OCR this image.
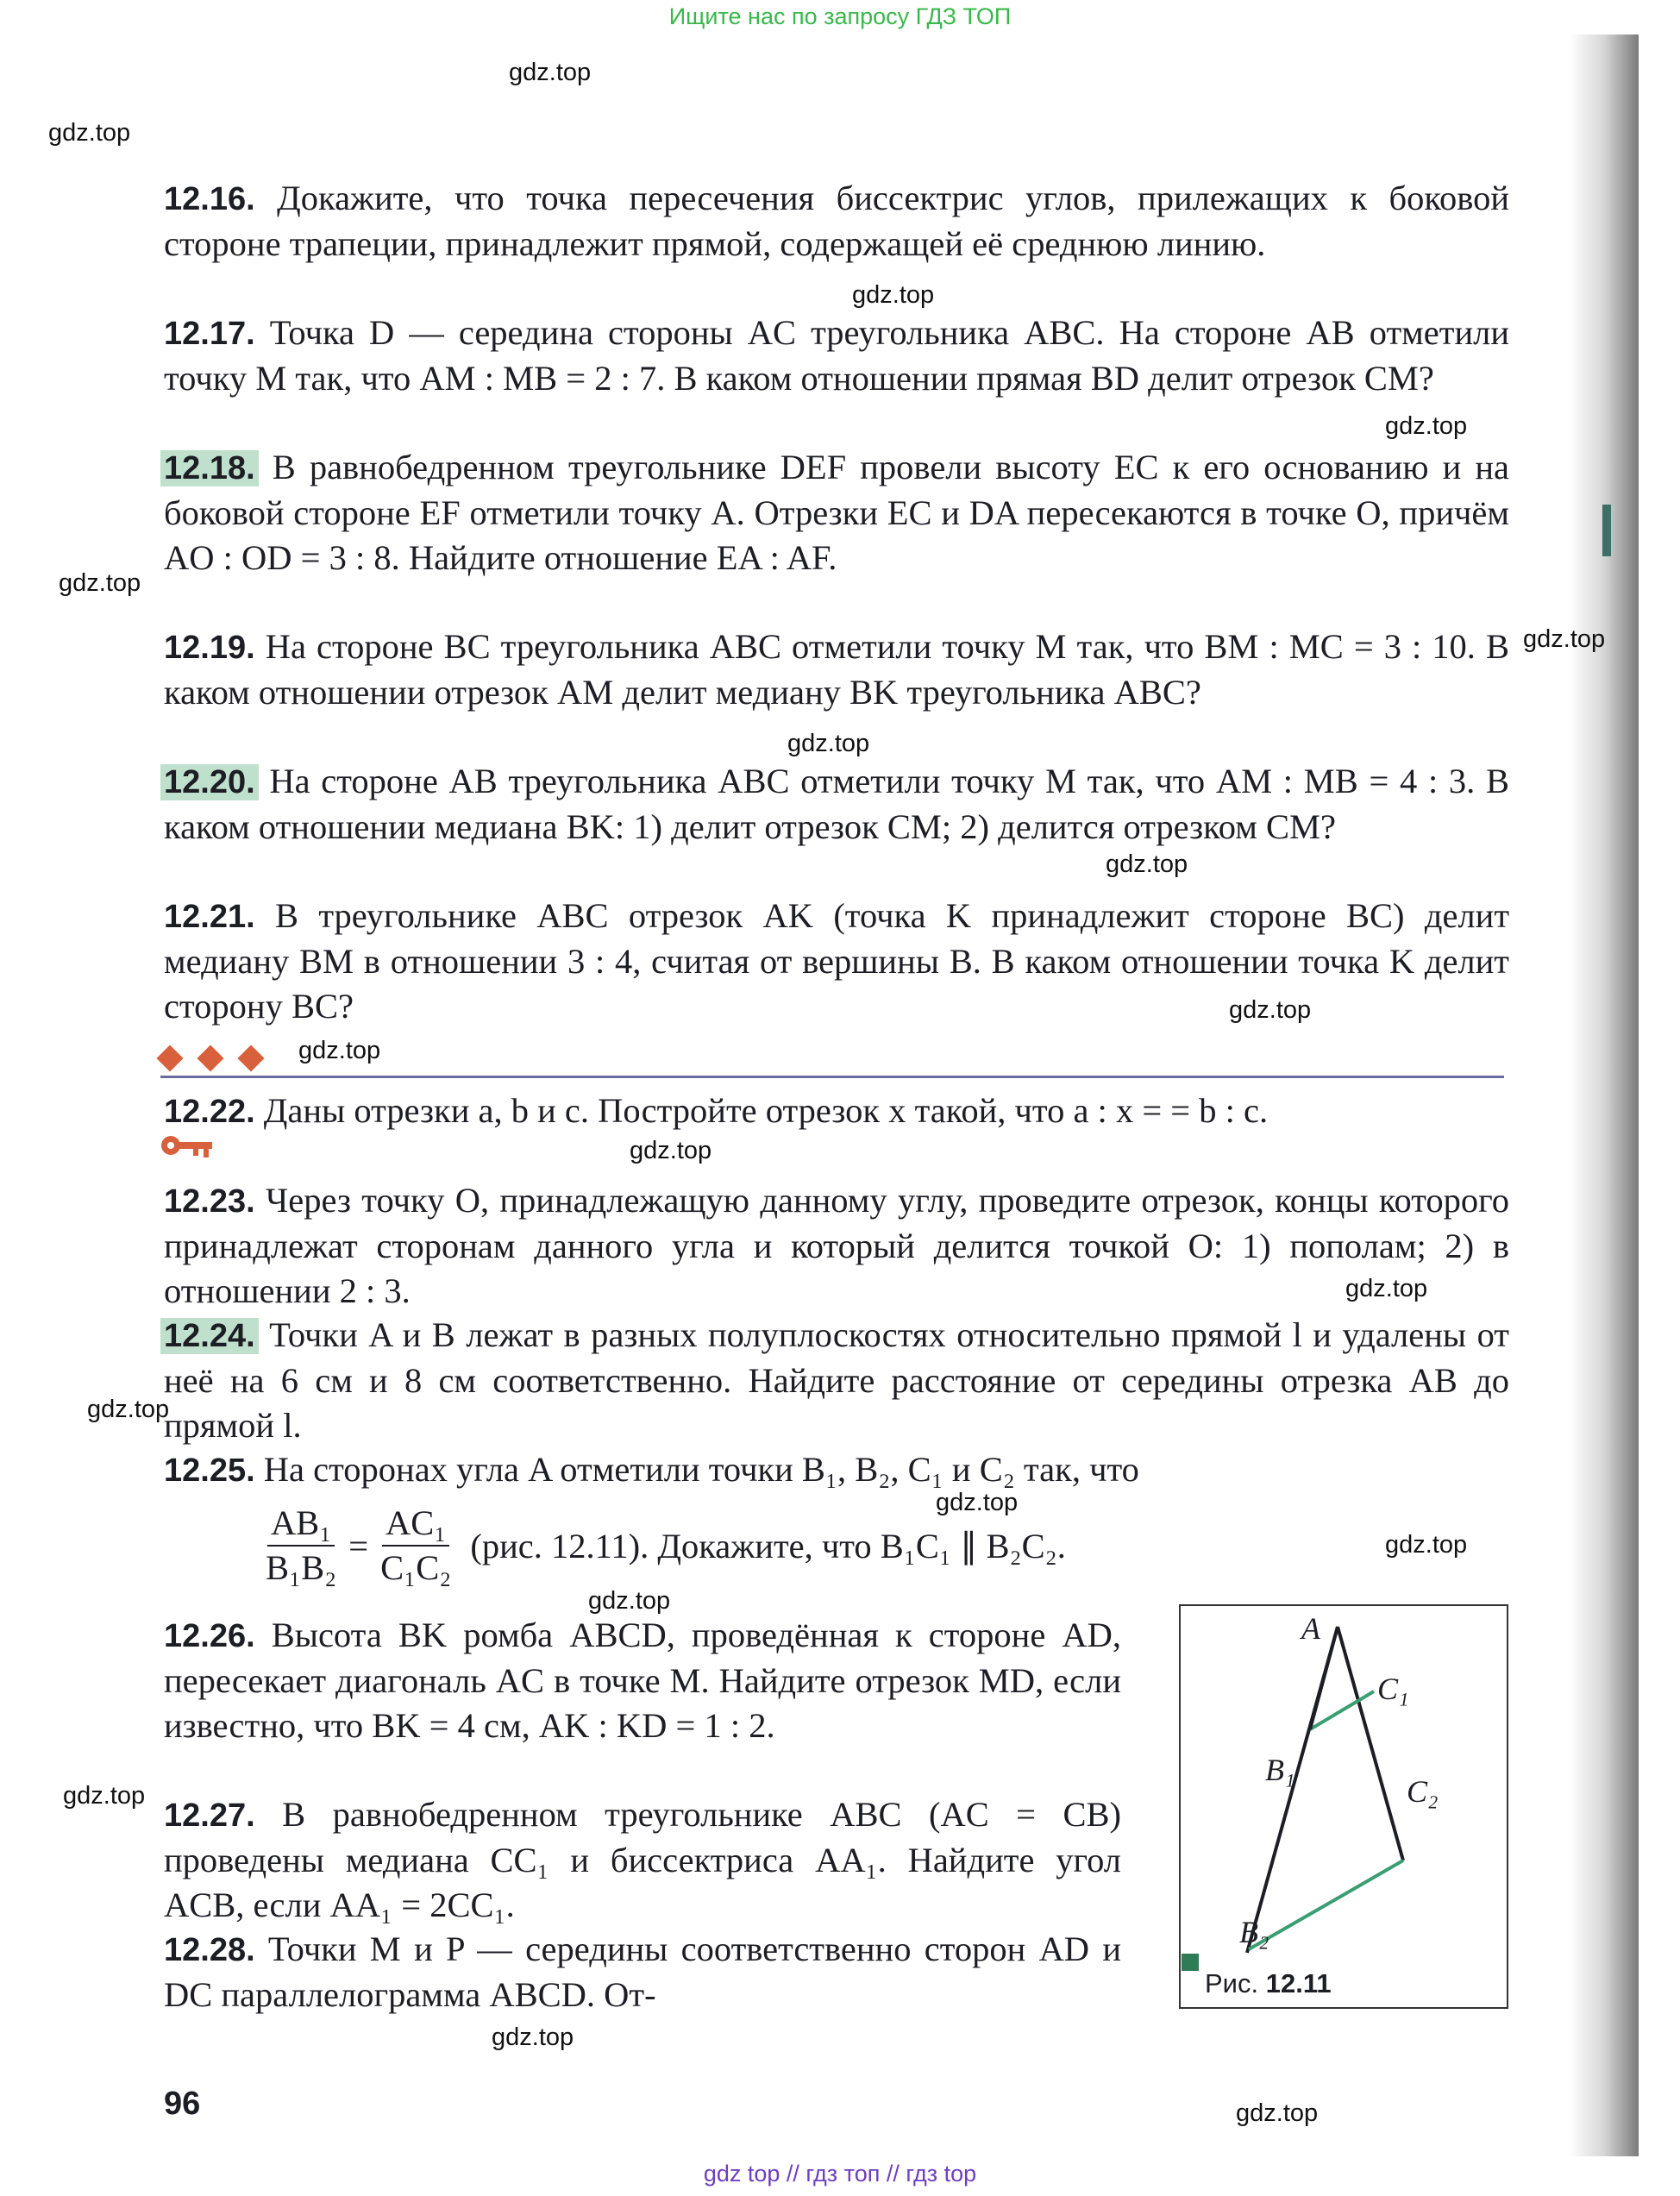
Ищите нас по запросу ГДЗ ТОП
gdz.top
gdz.top
gdz.top
gdz.top
gdz.top
gdz.top
gdz.top
gdz.top
gdz.top
gdz.top
gdz.top
gdz.top
gdz.top
gdz.top
gdz.top
gdz.top
gdz.top
gdz.top
gdz.top
12.16. Докажите, что точка пересечения биссектрис углов, прилежащих к боковой стороне трапеции, принадлежит прямой, содержащей её среднюю линию.
12.17. Точка D — середина стороны AC треугольника ABC. На стороне AB отметили точку M так, что AM : MB = 2 : 7. В каком отношении прямая BD делит отрезок CM?
12.18. В равнобедренном треугольнике DEF провели высоту EC к его основанию и на боковой стороне EF отметили точку A. Отрезки EC и DA пересекаются в точке O, причём AO : OD = 3 : 8. Найдите отношение EA : AF.
12.19. На стороне BC треугольника ABC отметили точку M так, что BM : MC = 3 : 10. В каком отношении отрезок AM делит медиану BK треугольника ABC?
12.20. На стороне AB треугольника ABC отметили точку M так, что AM : MB = 4 : 3. В каком отношении медиана BK: 1) делит отрезок CM; 2) делится отрезком CM?
12.21. В треугольнике ABC отрезок AK (точка K принадлежит стороне BC) делит медиану BM в отношении 3 : 4, считая от вершины B. В каком отношении точка K делит сторону BC?

12.22. Даны отрезки a, b и c. Постройте отрезок x такой, что a : x = = b : c.
12.23. Через точку O, принадлежащую данному углу, проведите отрезок, концы которого принадлежат сторонам данного угла и который делится точкой O: 1) пополам; 2) в отношении 2 : 3.
12.24. Точки A и B лежат в разных полуплоскостях относительно прямой l и удалены от неё на 6 см и 8 см соответственно. Найдите расстояние от середины отрезка AB до прямой l.
12.25. На сторонах угла A отметили точки B₁, B₂, C₁ и C₂ так, что
$\frac{\text{AB₁}}{\text{B₁B₂}} = \frac{\text{AC₁}}{\text{C₁C₂}} (рис$. 12.11). Докажите, что B₁C₁ ∥ B₂C₂.
12.26. Высота BK ромба ABCD, проведённая к стороне AD, пересекает диагональ AC в точке M. Найдите отрезок MD, если известно, что BK = 4 см, AK : KD = 1 : 2.
12.27. В равнобедренном треугольнике ABC (AC = CB) проведены медиана CC₁ и биссектриса AA₁. Найдите угол ACB, если AA₁ = 2CC₁.
12.28. Точки M и P — середины соответственно сторон AD и DC параллелограмма ABCD. От-
A
C₁
B₁
C₂
B₂
Рис. 12.11
96
gdz top // гдз топ // гдз top
